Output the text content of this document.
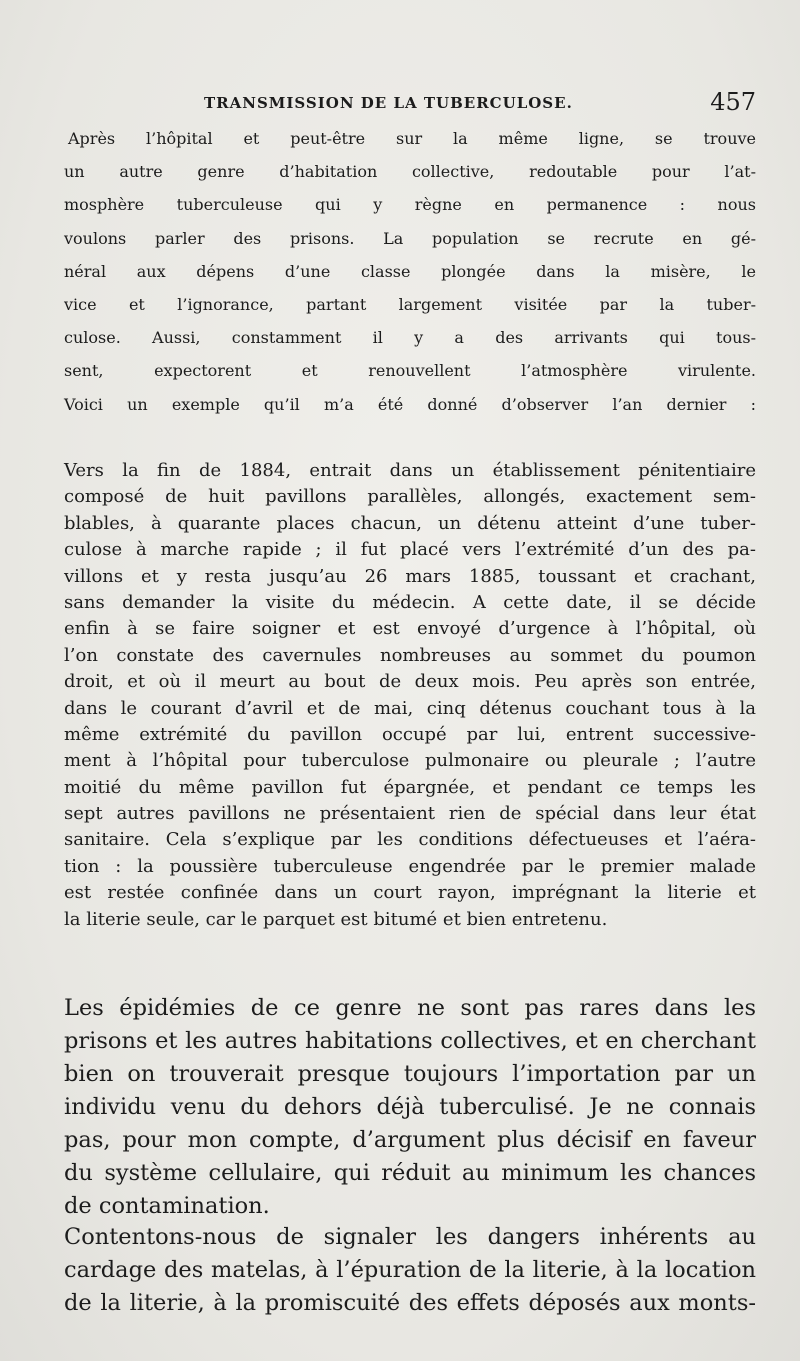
TRANSMISSION DE LA TUBERCULOSE.	457
Après l’hôpital et peut-être sur la même ligne, se trouve
un autre genre d’habitation collective, redoutable pour l’at-
mosphère tuberculeuse qui y règne en permanence : nous
voulons parler des prisons. La population se recrute en gé-
néral aux dépens d’une classe plongée dans la misère, le
vice et l’ignorance, partant largement visitée par la tuber-
culose. Aussi, constamment il y a des arrivants qui tous-
sent, expectorent et renouvellent l’atmosphère virulente.
Voici un exemple qu’il m’a été donné d’observer l’an dernier :
Vers la fin de 1884, entrait dans un établissement pénitentiaire
composé de huit pavillons parallèles, allongés, exactement sem-
blables, à quarante places chacun, un détenu atteint d’une tuber-
culose à marche rapide ; il fut placé vers l’extrémité d’un des pa-
villons et y resta jusqu’au 26 mars 1885, toussant et crachant,
sans demander la visite du médecin. A cette date, il se décide
enfin à se faire soigner et est envoyé d’urgence à l’hôpital, où
l’on constate des cavernules nombreuses au sommet du poumon
droit, et où il meurt au bout de deux mois. Peu après son entrée,
dans le courant d’avril et de mai, cinq détenus couchant tous à la
même extrémité du pavillon occupé par lui, entrent successive-
ment à l’hôpital pour tuberculose pulmonaire ou pleurale ; l’autre
moitié du même pavillon fut épargnée, et pendant ce temps les
sept autres pavillons ne présentaient rien de spécial dans leur état
sanitaire. Cela s’explique par les conditions défectueuses et l’aéra-
tion : la poussière tuberculeuse engendrée par le premier malade
est restée confinée dans un court rayon, imprégnant la literie et
la literie seule, car le parquet est bitumé et bien entretenu.
Les épidémies de ce genre ne sont pas rares dans les
prisons et les autres habitations collectives, et en cherchant
bien on trouverait presque toujours l’importation par un
individu venu du dehors déjà tuberculisé. Je ne connais
pas, pour mon compte, d’argument plus décisif en faveur
du système cellulaire, qui réduit au minimum les chances
de contamination.
Contentons-nous de signaler les dangers inhérents au
cardage des matelas, à l’épuration de la literie, à la location
de la literie, à la promiscuité des effets déposés aux monts-
